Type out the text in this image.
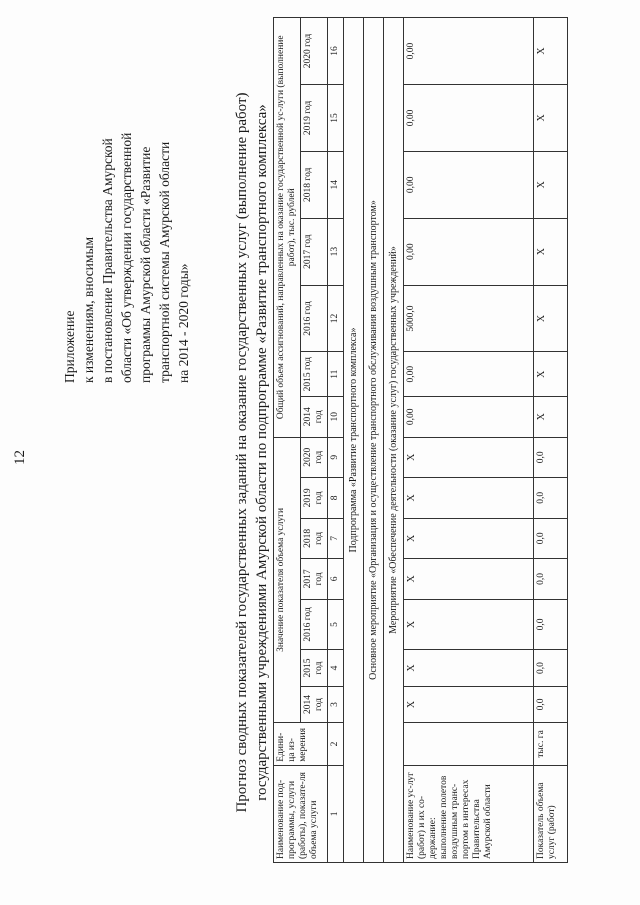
12
Приложение к изменениям, вносимым в постановление Правительства Амурской области «Об утверждении государственной программы Амурской области «Развитие транспортной системы Амурской области на 2014 - 2020 годы»	Прогноз сводных показателей государственных заданий на оказание государственных услуг (выполнение работ) государственными учреждениями Амурской области по подпрограмме «Развитие транспортного комплекса»
Наименование под-программы, услуги (работы), показате-ля объема услуги	Едини-ца из-мерения	Значение показателя объема услуги							Общий объем ассигнований, направленных на оказание государственной ус-луги (выполнение работ), тыс. рублей						
		2014 год	2015 год	2016 год	2017 год	2018 год	2019 год	2020 год	2014 год	2015 год	2016 год	2017 год	2018 год	2019 год	2020 год
1	2	3	4	5	6	7	8	9	10	11	12	13	14	15	16
Подпрограмма «Развитие транспортного комплекса»															
Основное мероприятие «Организация и осуществление транспортного обслуживания воздушным транспортом»															
Мероприятие «Обеспечение деятельности (оказание услуг) государственных учреждений»															
Наименование ус-луг (работ) и их со-держание: выполнение полетов воздушным транс-портом в интересах Правительства Амурской области		X	X	X	X	X	X	X	0,00	0,00	5000,0	0,00	0,00	0,00	0,00
Показатель объема услуг (работ)	тыс. га	0,0	0,0	0,0	0,0	0,0	0,0	0,0	X	X	X	X	X	X	X
